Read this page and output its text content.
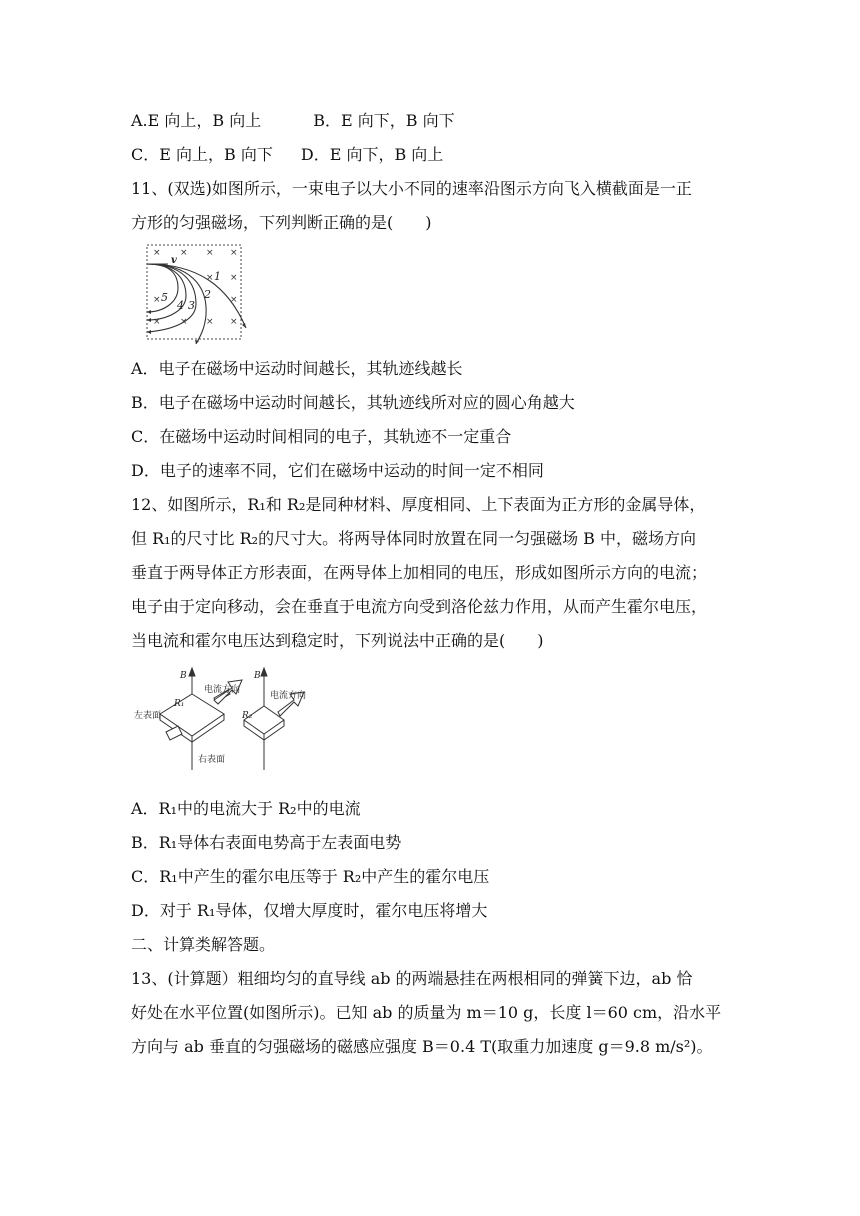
A.E 向上，B 向上	B．E 向下，B 向下
C．E 向上，B 向下 D．E 向下，B 向上
11、(双选)如图所示，一束电子以大小不同的速率沿图示方向飞入横截面是一正
方形的匀强磁场，下列判断正确的是(　　)
× × × ×
× ×
×	×
× × × ×
v
1
2
3
4
5
A．电子在磁场中运动时间越长，其轨迹线越长
B．电子在磁场中运动时间越长，其轨迹线所对应的圆心角越大
C．在磁场中运动时间相同的电子，其轨迹不一定重合
D．电子的速率不同，它们在磁场中运动的时间一定不相同
12、如图所示，R₁和 R₂是同种材料、厚度相同、上下表面为正方形的金属导体，
但 R₁的尺寸比 R₂的尺寸大。将两导体同时放置在同一匀强磁场 B 中，磁场方向
垂直于两导体正方形表面，在两导体上加相同的电压，形成如图所示方向的电流；
电子由于定向移动，会在垂直于电流方向受到洛伦兹力作用，从而产生霍尔电压，
当电流和霍尔电压达到稳定时，下列说法中正确的是(　　)
B	B
电流方向
电流方向
左表面
右表面
R₁
R₂
A．R₁中的电流大于 R₂中的电流
B．R₁导体右表面电势高于左表面电势
C．R₁中产生的霍尔电压等于 R₂中产生的霍尔电压
D．对于 R₁导体，仅增大厚度时，霍尔电压将增大
二、计算类解答题。
13、(计算题）粗细均匀的直导线 ab 的两端悬挂在两根相同的弹簧下边，ab 恰
好处在水平位置(如图所示)。已知 ab 的质量为 m＝10 g，长度 l＝60 cm，沿水平
方向与 ab 垂直的匀强磁场的磁感应强度 B＝0.4 T(取重力加速度 g＝9.8 m/s²)。
